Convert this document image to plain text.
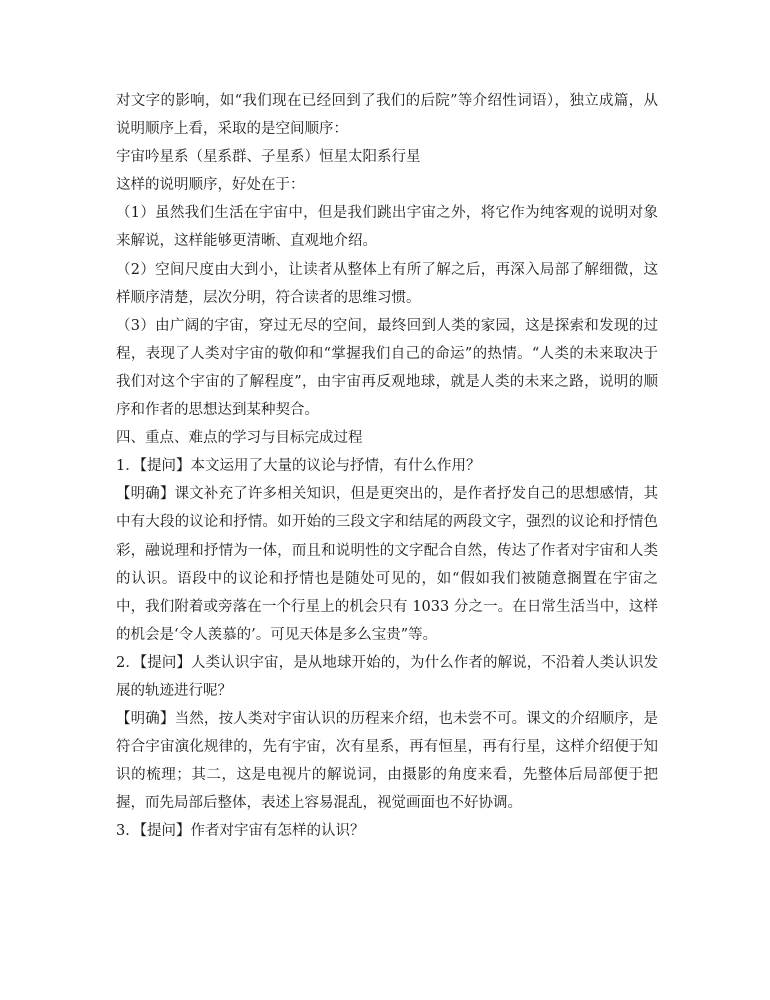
对文字的影响，如“我们现在已经回到了我们的后院”等介绍性词语），独立成篇，从说明顺序上看，采取的是空间顺序：

宇宙吟星系（星系群、子星系）恒星太阳系行星

这样的说明顺序，好处在于：

（1）虽然我们生活在宇宙中，但是我们跳出宇宙之外，将它作为纯客观的说明对象来解说，这样能够更清晰、直观地介绍。

（2）空间尺度由大到小，让读者从整体上有所了解之后，再深入局部了解细微，这样顺序清楚，层次分明，符合读者的思维习惯。

（3）由广阔的宇宙，穿过无尽的空间，最终回到人类的家园，这是探索和发现的过程，表现了人类对宇宙的敬仰和“掌握我们自己的命运”的热情。“人类的未来取决于我们对这个宇宙的了解程度”，由宇宙再反观地球，就是人类的未来之路，说明的顺序和作者的思想达到某种契合。

四、重点、难点的学习与目标完成过程

1．【提问】本文运用了大量的议论与抒情，有什么作用？

【明确】课文补充了许多相关知识，但是更突出的，是作者抒发自己的思想感情，其中有大段的议论和抒情。如开始的三段文字和结尾的两段文字，强烈的议论和抒情色彩，融说理和抒情为一体，而且和说明性的文字配合自然，传达了作者对宇宙和人类的认识。语段中的议论和抒情也是随处可见的，如“假如我们被随意搁置在宇宙之中，我们附着或旁落在一个行星上的机会只有 1033 分之一。在日常生活当中，这样的机会是‘令人羡慕的’。可见天体是多么宝贵”等。

2．【提问】人类认识宇宙，是从地球开始的，为什么作者的解说，不沿着人类认识发展的轨迹进行呢？

【明确】当然，按人类对宇宙认识的历程来介绍，也未尝不可。课文的介绍顺序，是符合宇宙演化规律的，先有宇宙，次有星系，再有恒星，再有行星，这样介绍便于知识的梳理；其二，这是电视片的解说词，由摄影的角度来看，先整体后局部便于把握，而先局部后整体，表述上容易混乱，视觉画面也不好协调。

3．【提问】作者对宇宙有怎样的认识？
